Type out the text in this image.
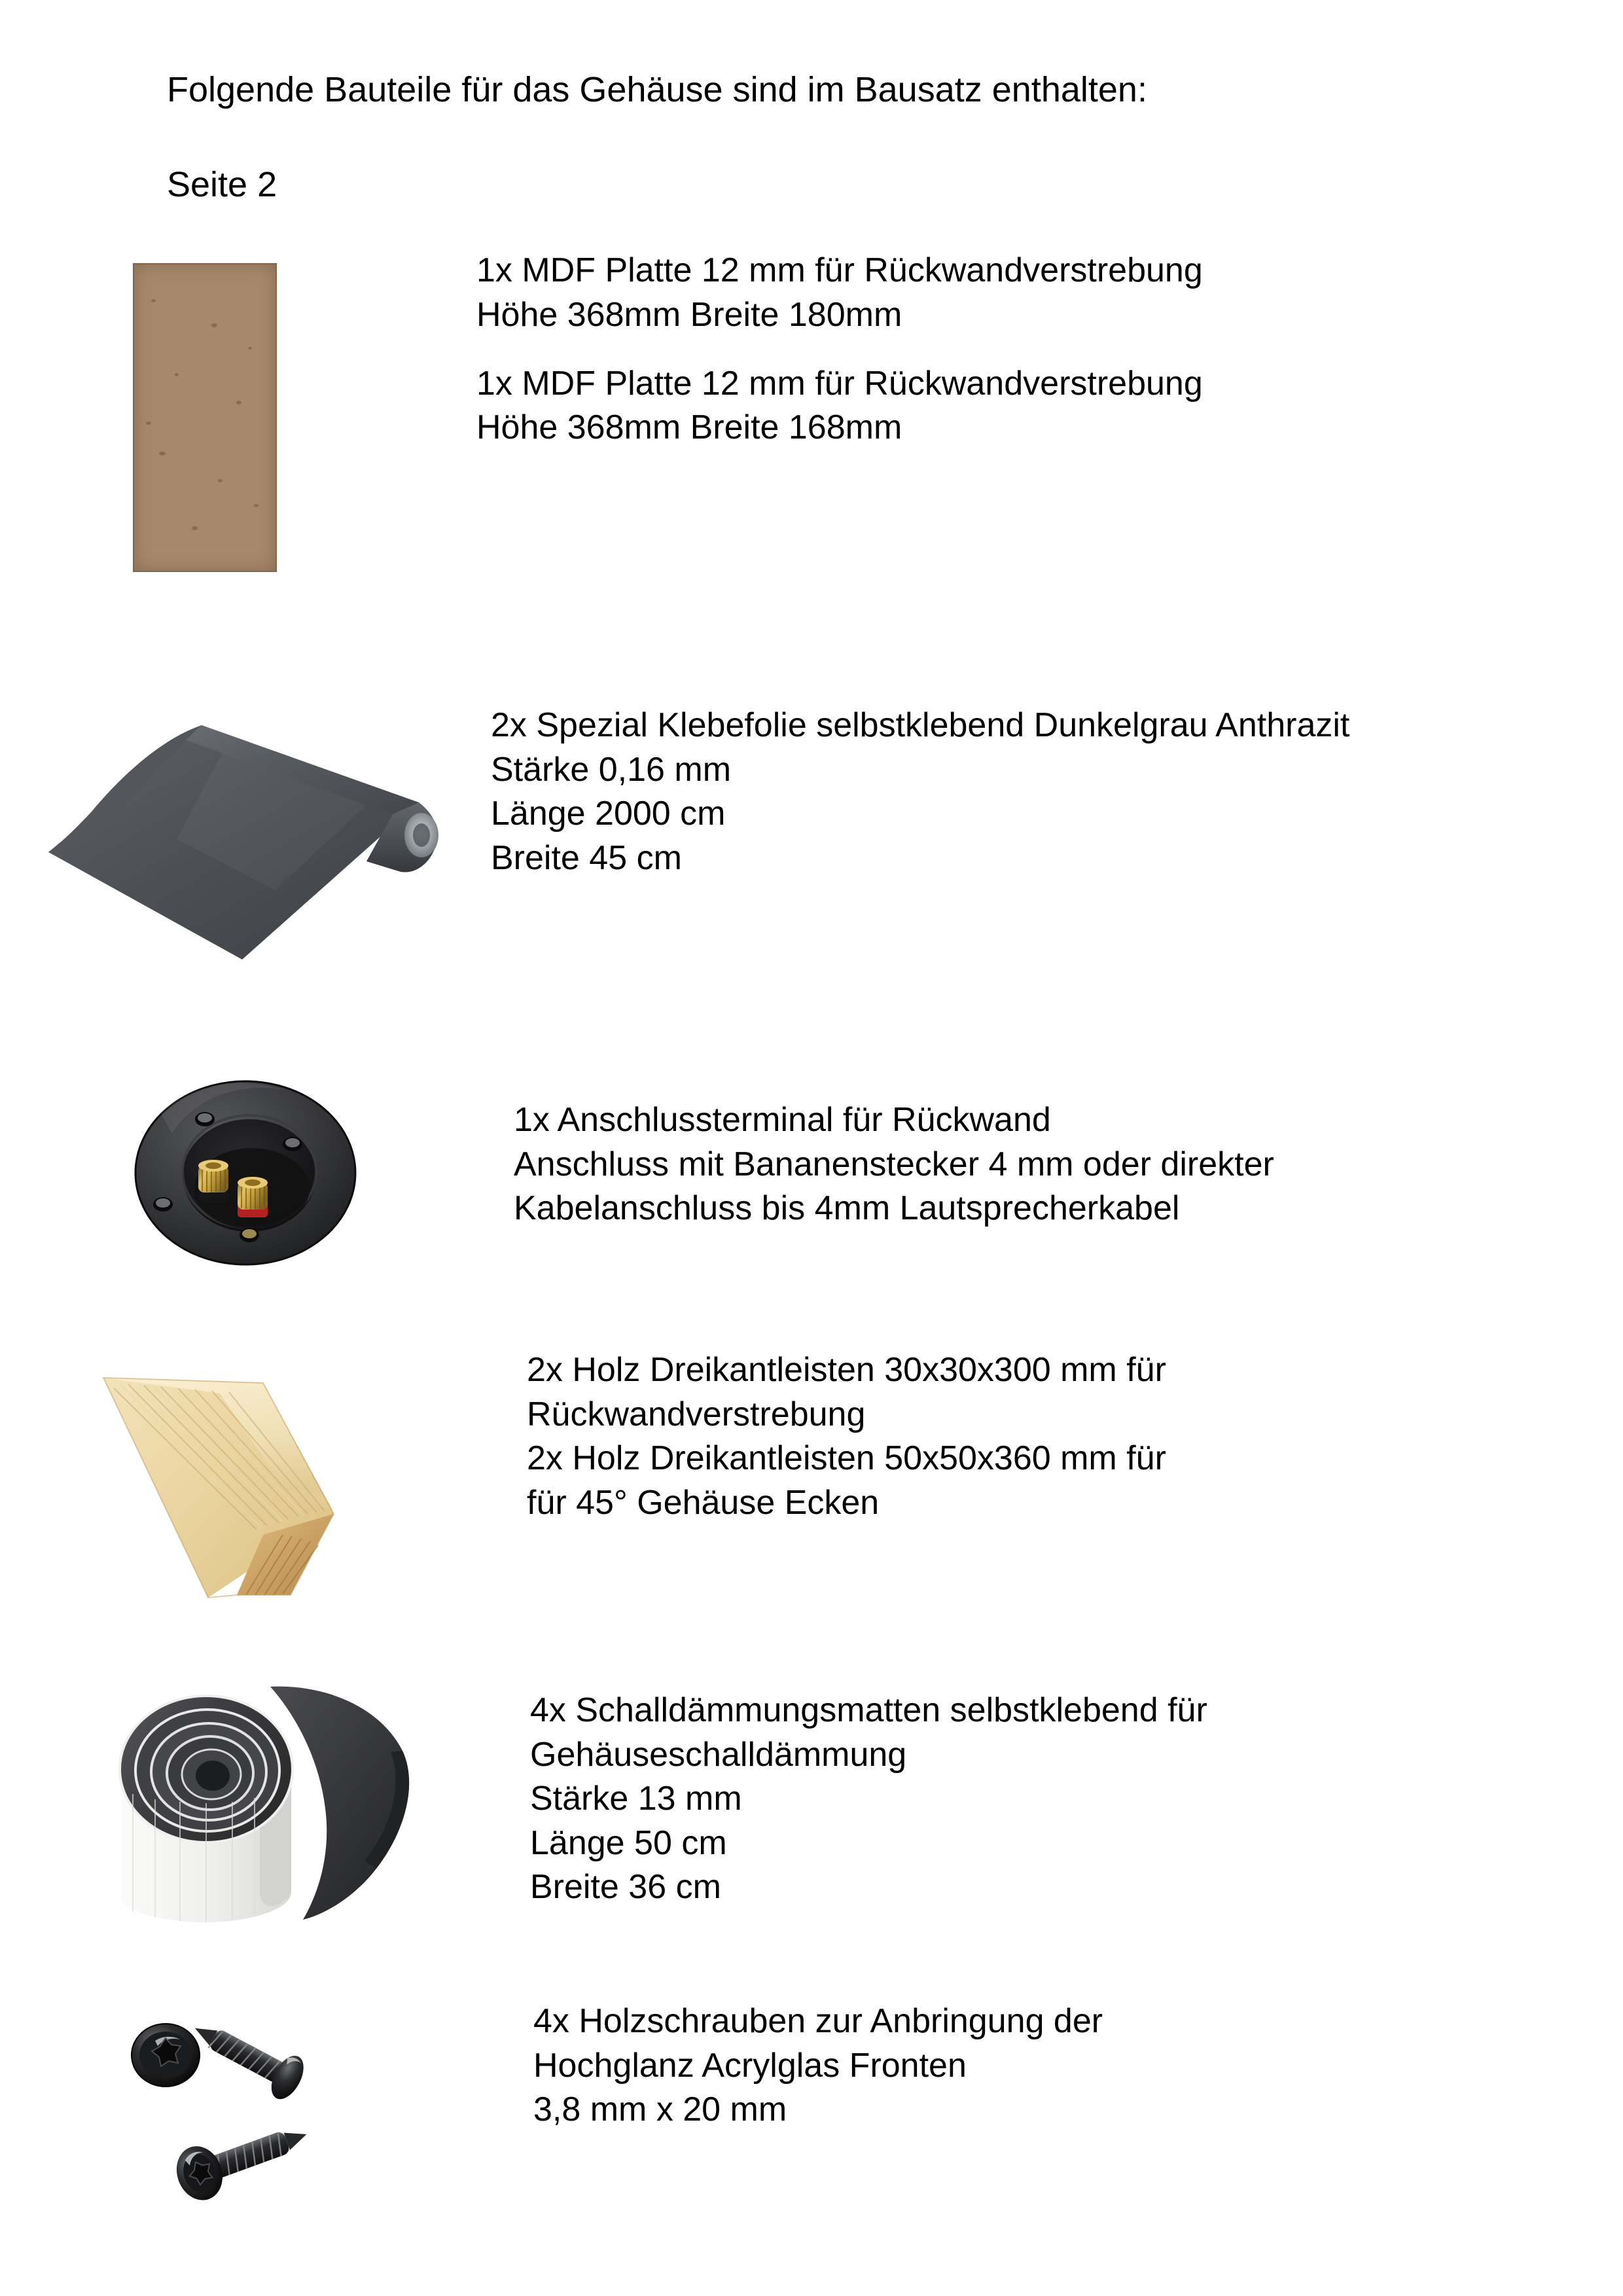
Folgende Bauteile für das Gehäuse sind im Bausatz enthalten:
Seite 2
1x MDF Platte 12 mm für Rückwandverstrebung
Höhe 368mm Breite 180mm
1x MDF Platte 12 mm für Rückwandverstrebung
Höhe 368mm Breite 168mm
2x Spezial Klebefolie selbstklebend Dunkelgrau Anthrazit
Stärke 0,16 mm
Länge 2000 cm
Breite 45 cm
1x Anschlussterminal für Rückwand
Anschluss mit Bananenstecker 4 mm oder direkter
Kabelanschluss bis 4mm Lautsprecherkabel
2x Holz Dreikantleisten 30x30x300 mm für
Rückwandverstrebung
2x Holz Dreikantleisten 50x50x360 mm für
für 45° Gehäuse Ecken
4x Schalldämmungsmatten selbstklebend für
Gehäuseschalldämmung
Stärke 13 mm
Länge 50 cm
Breite 36 cm
4x Holzschrauben zur Anbringung der
Hochglanz Acrylglas Fronten
3,8 mm x 20 mm
